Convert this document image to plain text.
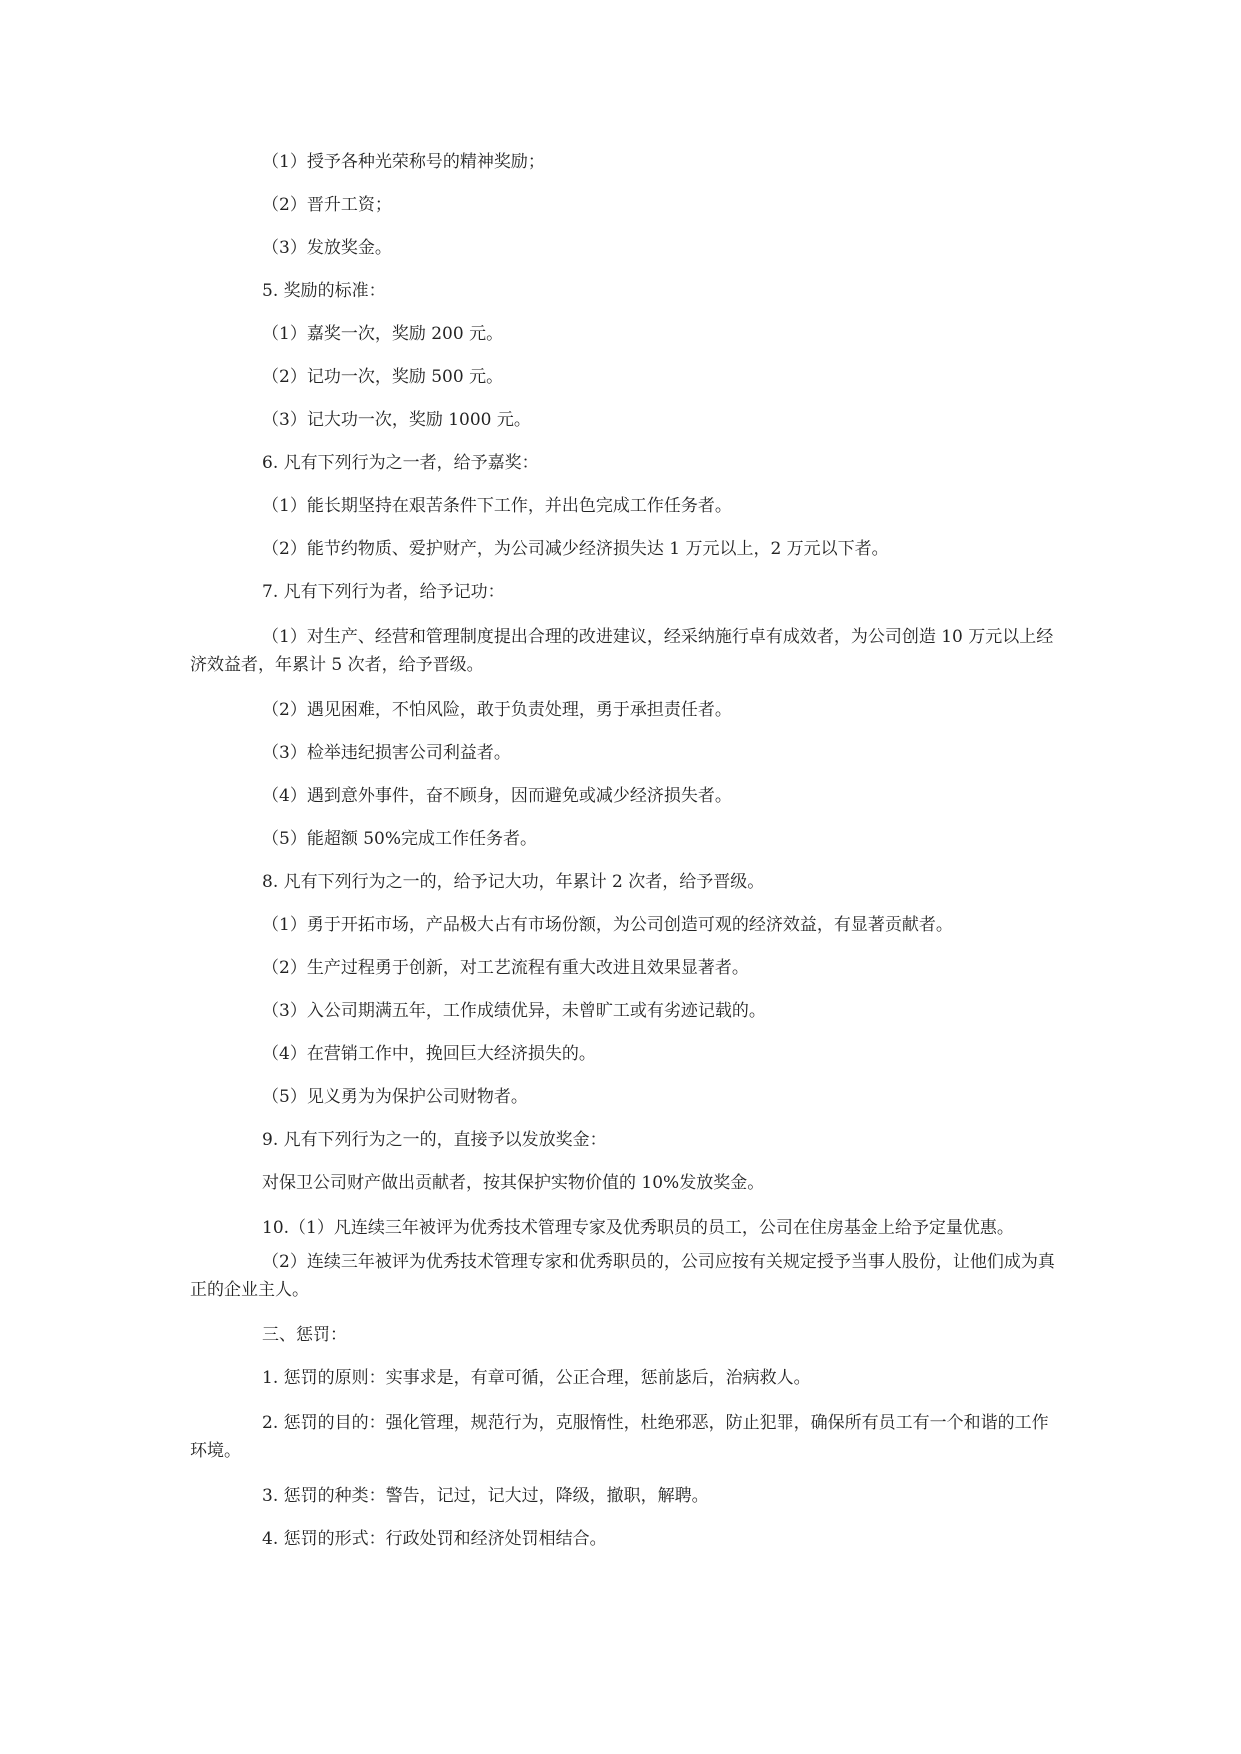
（1）授予各种光荣称号的精神奖励；

（2）晋升工资；

（3）发放奖金。

5. 奖励的标准：

（1）嘉奖一次，奖励 200 元。

（2）记功一次，奖励 500 元。

（3）记大功一次，奖励 1000 元。

6. 凡有下列行为之一者，给予嘉奖：

（1）能长期坚持在艰苦条件下工作，并出色完成工作任务者。

（2）能节约物质、爱护财产，为公司减少经济损失达 1 万元以上，2 万元以下者。

7. 凡有下列行为者，给予记功：

（1）对生产、经营和管理制度提出合理的改进建议，经采纳施行卓有成效者，为公司创造 10 万元以上经济效益者，年累计 5 次者，给予晋级。

（2）遇见困难，不怕风险，敢于负责处理，勇于承担责任者。

（3）检举违纪损害公司利益者。

（4）遇到意外事件，奋不顾身，因而避免或减少经济损失者。

（5）能超额 50%完成工作任务者。

8. 凡有下列行为之一的，给予记大功，年累计 2 次者，给予晋级。

（1）勇于开拓市场，产品极大占有市场份额，为公司创造可观的经济效益，有显著贡献者。

（2）生产过程勇于创新，对工艺流程有重大改进且效果显著者。

（3）入公司期满五年，工作成绩优异，未曾旷工或有劣迹记载的。

（4）在营销工作中，挽回巨大经济损失的。

（5）见义勇为为保护公司财物者。

9. 凡有下列行为之一的，直接予以发放奖金：

对保卫公司财产做出贡献者，按其保护实物价值的 10%发放奖金。

10.（1）凡连续三年被评为优秀技术管理专家及优秀职员的员工，公司在住房基金上给予定量优惠。

（2）连续三年被评为优秀技术管理专家和优秀职员的，公司应按有关规定授予当事人股份，让他们成为真正的企业主人。

三、惩罚：

1. 惩罚的原则：实事求是，有章可循，公正合理，惩前毖后，治病救人。

2. 惩罚的目的：强化管理，规范行为，克服惰性，杜绝邪恶，防止犯罪，确保所有员工有一个和谐的工作环境。

3. 惩罚的种类：警告，记过，记大过，降级，撤职，解聘。

4. 惩罚的形式：行政处罚和经济处罚相结合。
